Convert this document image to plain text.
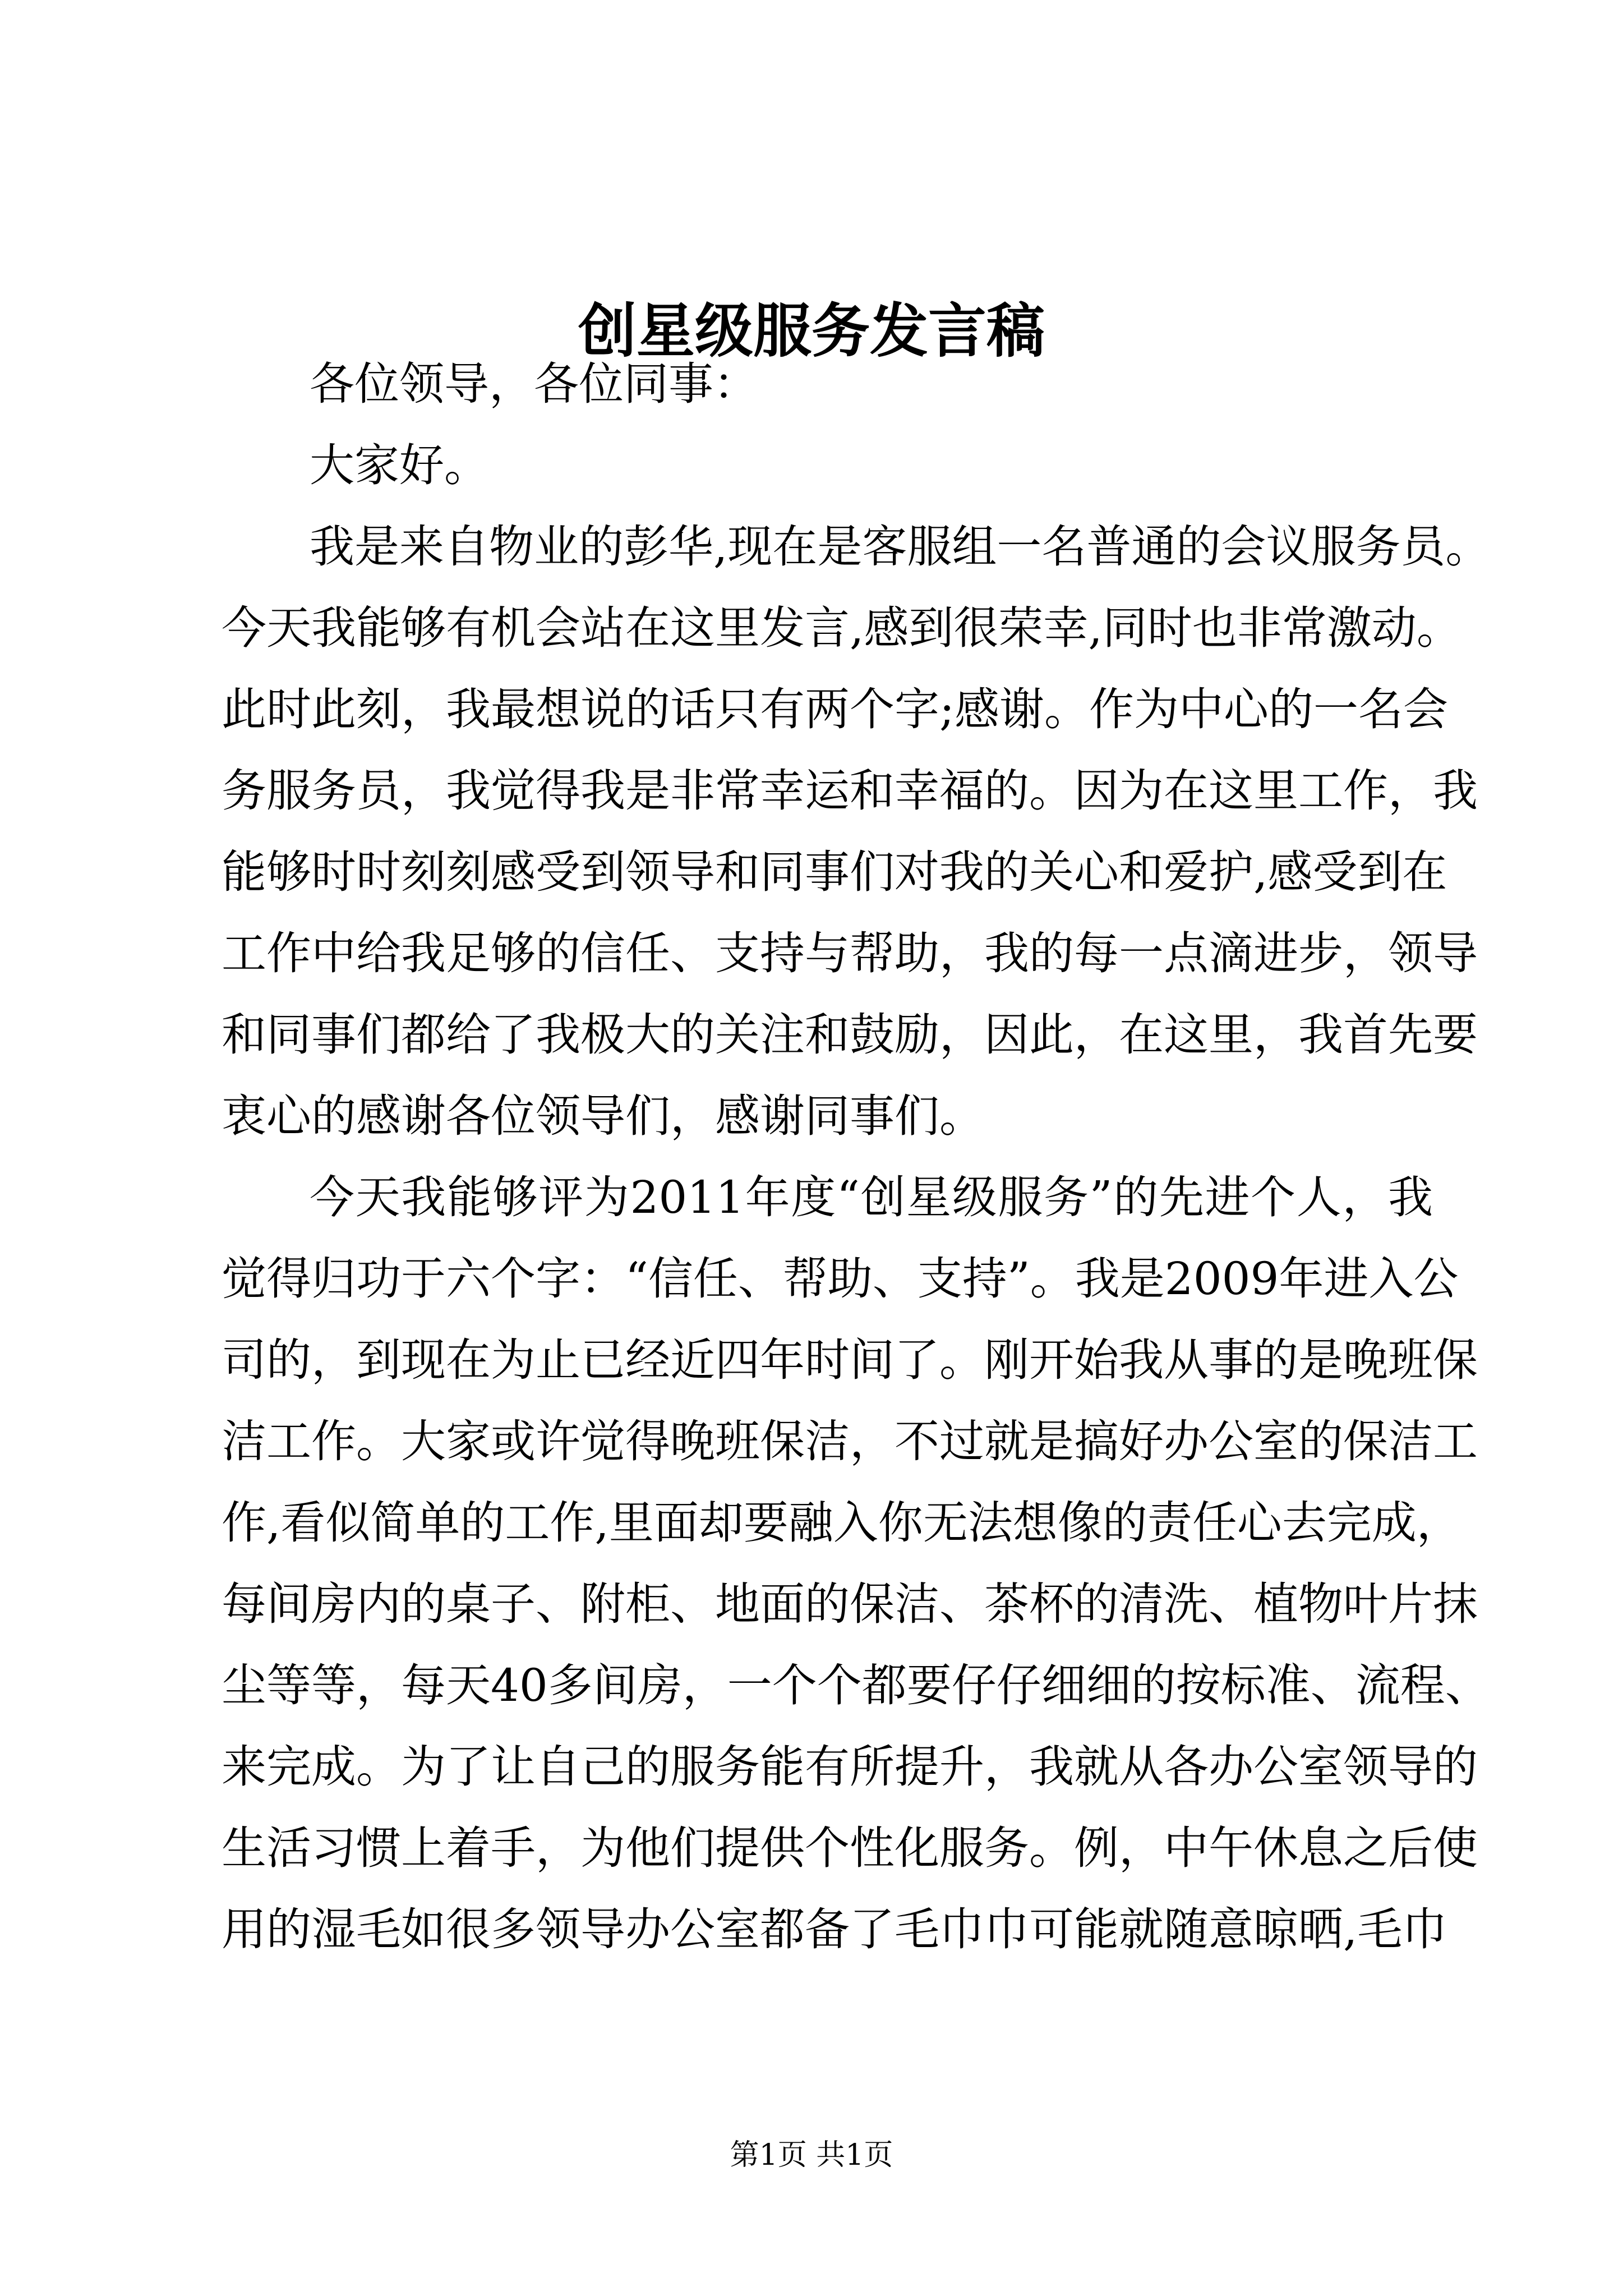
创星级服务发言稿
各位领导，各位同事：
大家好。
我是来自物业的彭华,现在是客服组一名普通的会议服务员。
今天我能够有机会站在这里发言,感到很荣幸,同时也非常激动。
此时此刻，我最想说的话只有两个字;感谢。作为中心的一名会
务服务员，我觉得我是非常幸运和幸福的。因为在这里工作，我
能够时时刻刻感受到领导和同事们对我的关心和爱护,感受到在
工作中给我足够的信任、支持与帮助，我的每一点滴进步，领导
和同事们都给了我极大的关注和鼓励，因此，在这里，我首先要
衷心的感谢各位领导们，感谢同事们。
今天我能够评为2011年度“创星级服务”的先进个人，我
觉得归功于六个字：“信任、帮助、支持”。我是2009年进入公
司的，到现在为止已经近四年时间了。刚开始我从事的是晚班保
洁工作。大家或许觉得晚班保洁，不过就是搞好办公室的保洁工
作,看似简单的工作,里面却要融入你无法想像的责任心去完成，
每间房内的桌子、附柜、地面的保洁、茶杯的清洗、植物叶片抹
尘等等，每天40多间房，一个个都要仔仔细细的按标准、流程、
来完成。为了让自己的服务能有所提升，我就从各办公室领导的
生活习惯上着手，为他们提供个性化服务。例，中午休息之后使
用的湿毛如很多领导办公室都备了毛巾巾可能就随意晾晒,毛巾
第1页 共1页
